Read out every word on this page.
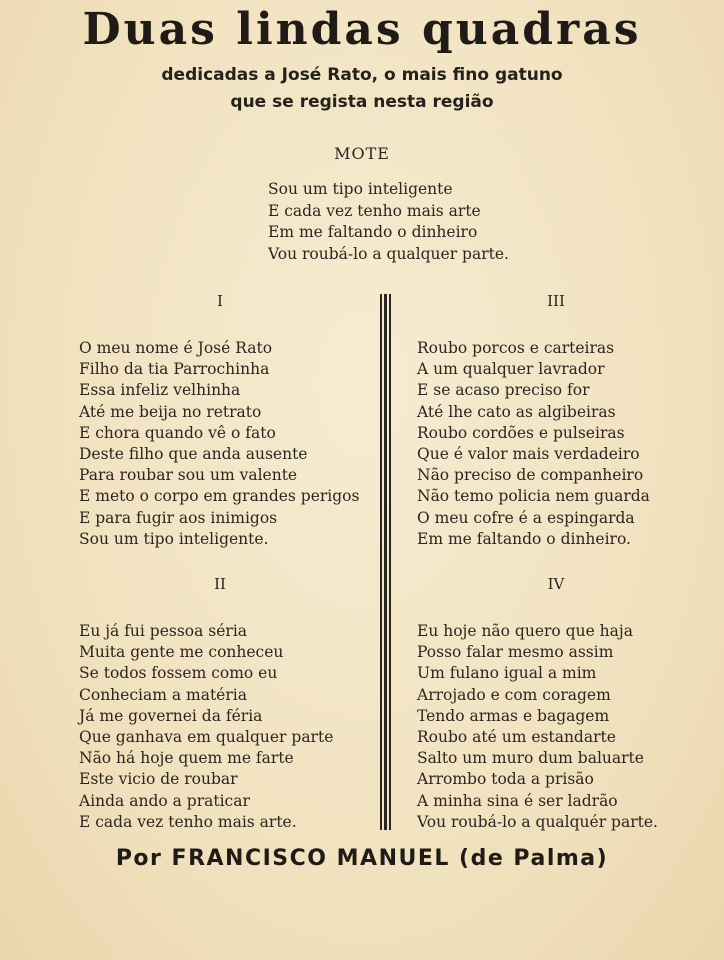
Duas lindas quadras
dedicadas a José Rato, o mais fino gatuno
que se regista nesta região
MOTE
Sou um tipo inteligente
E cada vez tenho mais arte
Em me faltando o dinheiro
Vou roubá-lo a qualquer parte.
I
O meu nome é José Rato
Filho da tia Parrochinha
Essa infeliz velhinha
Até me beija no retrato
E chora quando vê o fato
Deste filho que anda ausente
Para roubar sou um valente
E meto o corpo em grandes perigos
E para fugir aos inimigos
Sou um tipo inteligente.
II
Eu já fui pessoa séria
Muita gente me conheceu
Se todos fossem como eu
Conheciam a matéria
Já me governei da féria
Que ganhava em qualquer parte
Não há hoje quem me farte
Este vicio de roubar
Ainda ando a praticar
E cada vez tenho mais arte.
III
Roubo porcos e carteiras
A um qualquer lavrador
E se acaso preciso for
Até lhe cato as algibeiras
Roubo cordões e pulseiras
Que é valor mais verdadeiro
Não preciso de companheiro
Não temo policia nem guarda
O meu cofre é a espingarda
Em me faltando o dinheiro.
IV
Eu hoje não quero que haja
Posso falar mesmo assim
Um fulano igual a mim
Arrojado e com coragem
Tendo armas e bagagem
Roubo até um estandarte
Salto um muro dum baluarte
Arrombo toda a prisão
A minha sina é ser ladrão
Vou roubá-lo a qualquér parte.
Por FRANCISCO MANUEL (de Palma)
